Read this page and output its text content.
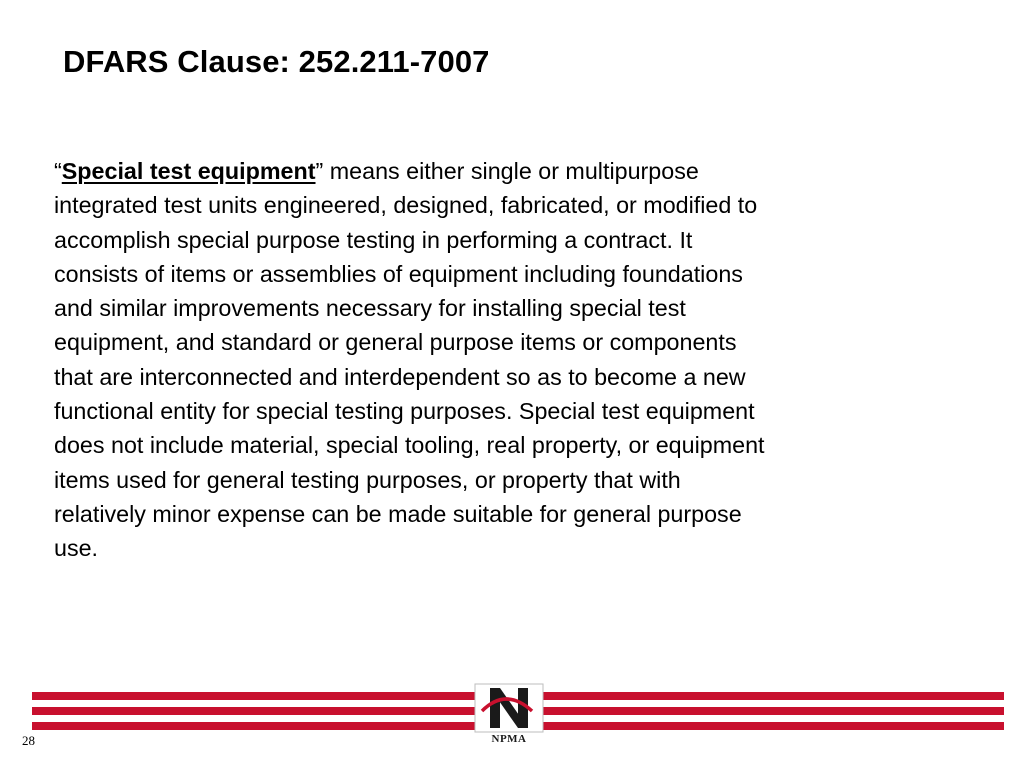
DFARS Clause: 252.211-7007

“Special test equipment” means either single or multipurpose
integrated test units engineered, designed, fabricated, or modified to
accomplish special purpose testing in performing a contract. It
consists of items or assemblies of equipment including foundations
and similar improvements necessary for installing special test
equipment, and standard or general purpose items or components
that are interconnected and interdependent so as to become a new
functional entity for special testing purposes. Special test equipment
does not include material, special tooling, real property, or equipment
items used for general testing purposes, or property that with
relatively minor expense can be made suitable for general purpose
use.

NPMA
28
